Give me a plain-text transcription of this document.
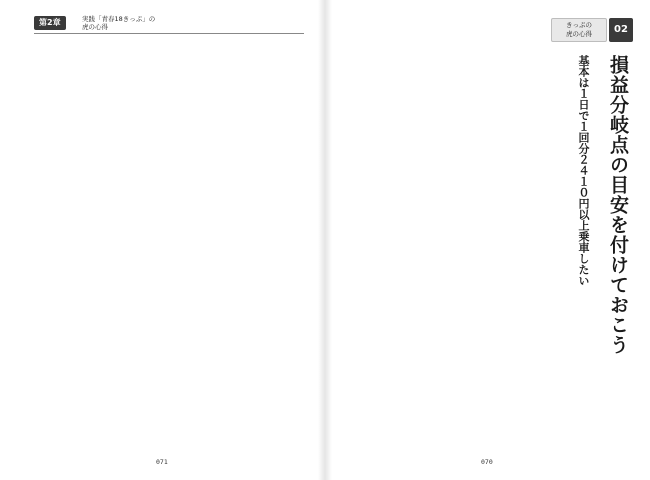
第2章	実践「青春18きっぷ」の
虎の心得
071
きっぷの
虎の心得	02
損益分岐点の目安を付けておこう
基本は１日で１回分２４１０円以上乗車したい
070
